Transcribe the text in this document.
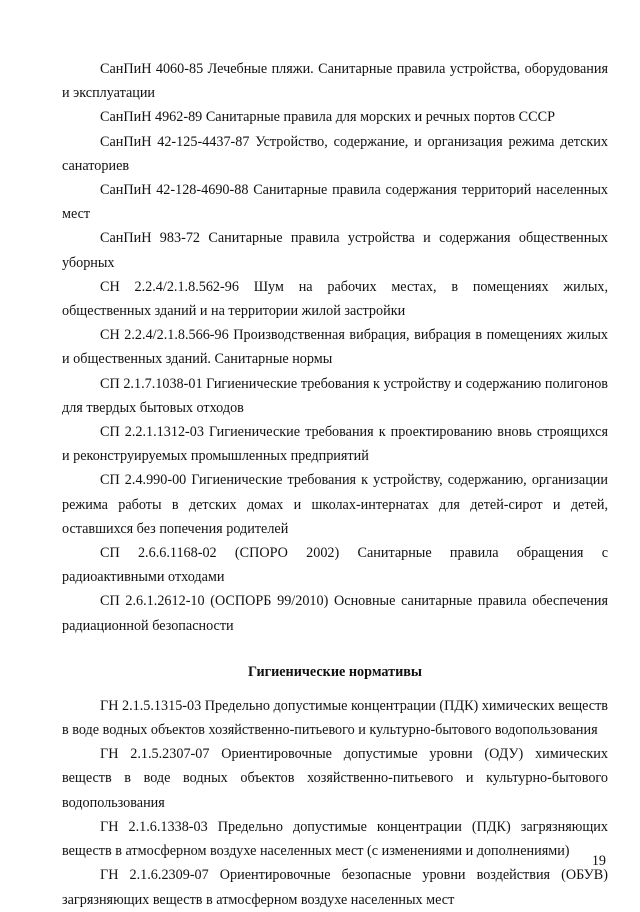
СанПиН 4060-85 Лечебные пляжи. Санитарные правила устройства, оборудования и эксплуатации

СанПиН 4962-89 Санитарные правила для морских и речных портов СССР

СанПиН 42-125-4437-87 Устройство, содержание, и организация режима детских санаториев

СанПиН 42-128-4690-88 Санитарные правила содержания территорий населенных мест

СанПиН 983-72 Санитарные правила устройства и содержания общественных уборных

СН 2.2.4/2.1.8.562-96 Шум на рабочих местах, в помещениях жилых, общественных зданий и на территории жилой застройки

СН 2.2.4/2.1.8.566-96 Производственная вибрация, вибрация в помещениях жилых и общественных зданий. Санитарные нормы

СП 2.1.7.1038-01 Гигиенические требования к устройству и содержанию полигонов для твердых бытовых отходов

СП 2.2.1.1312-03 Гигиенические требования к проектированию вновь строящихся и реконструируемых промышленных предприятий

СП 2.4.990-00 Гигиенические требования к устройству, содержанию, организации режима работы в детских домах и школах-интернатах для детей-сирот и детей, оставшихся без попечения родителей

СП 2.6.6.1168-02 (СПОРО 2002) Санитарные правила обращения с радиоактивными отходами

СП 2.6.1.2612-10 (ОСПОРБ 99/2010) Основные санитарные правила обеспечения радиационной безопасности

Гигиенические нормативы

ГН 2.1.5.1315-03 Предельно допустимые концентрации (ПДК) химических веществ в воде водных объектов хозяйственно-питьевого и культурно-бытового водопользования

ГН 2.1.5.2307-07 Ориентировочные допустимые уровни (ОДУ) химических веществ в воде водных объектов хозяйственно-питьевого и культурно-бытового водопользования

ГН 2.1.6.1338-03 Предельно допустимые концентрации (ПДК) загрязняющих веществ в атмосферном воздухе населенных мест (с изменениями и дополнениями)

ГН 2.1.6.2309-07 Ориентировочные безопасные уровни воздействия (ОБУВ) загрязняющих веществ в атмосферном воздухе населенных мест

19
